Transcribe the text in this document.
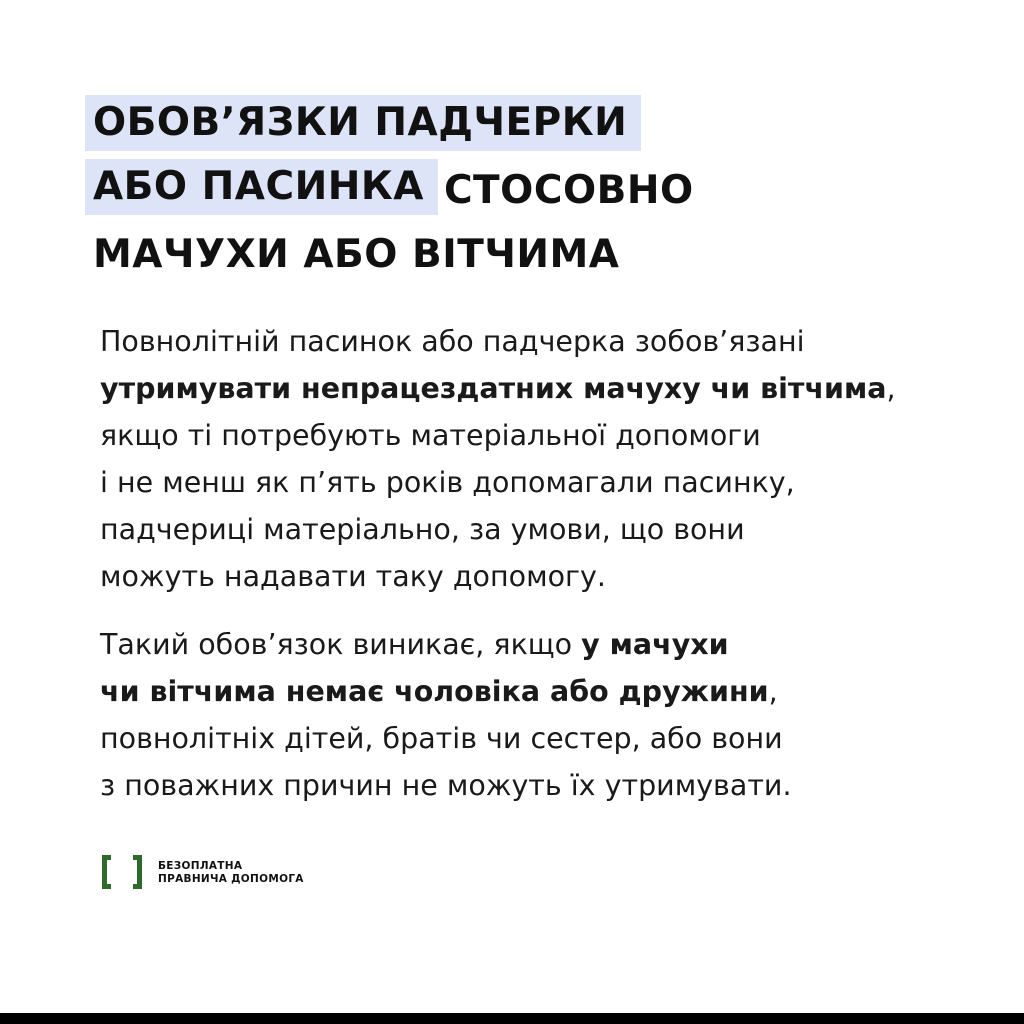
ОБОВ’ЯЗКИ ПАДЧЕРКИ
АБО ПАСИНКА СТОСОВНО
МАЧУХИ АБО ВІТЧИМА

Повнолітній пасинок або падчерка зобов’язані
утримувати непрацездатних мачуху чи вітчима,
якщо ті потребують матеріальної допомоги
і не менш як п’ять років допомагали пасинку,
падчериці матеріально, за умови, що вони
можуть надавати таку допомогу.

Такий обов’язок виникає, якщо у мачухи
чи вітчима немає чоловіка або дружини,
повнолітніх дітей, братів чи сестер, або вони
з поважних причин не можуть їх утримувати.

БЕЗОПЛАТНА
ПРАВНИЧА ДОПОМОГА
